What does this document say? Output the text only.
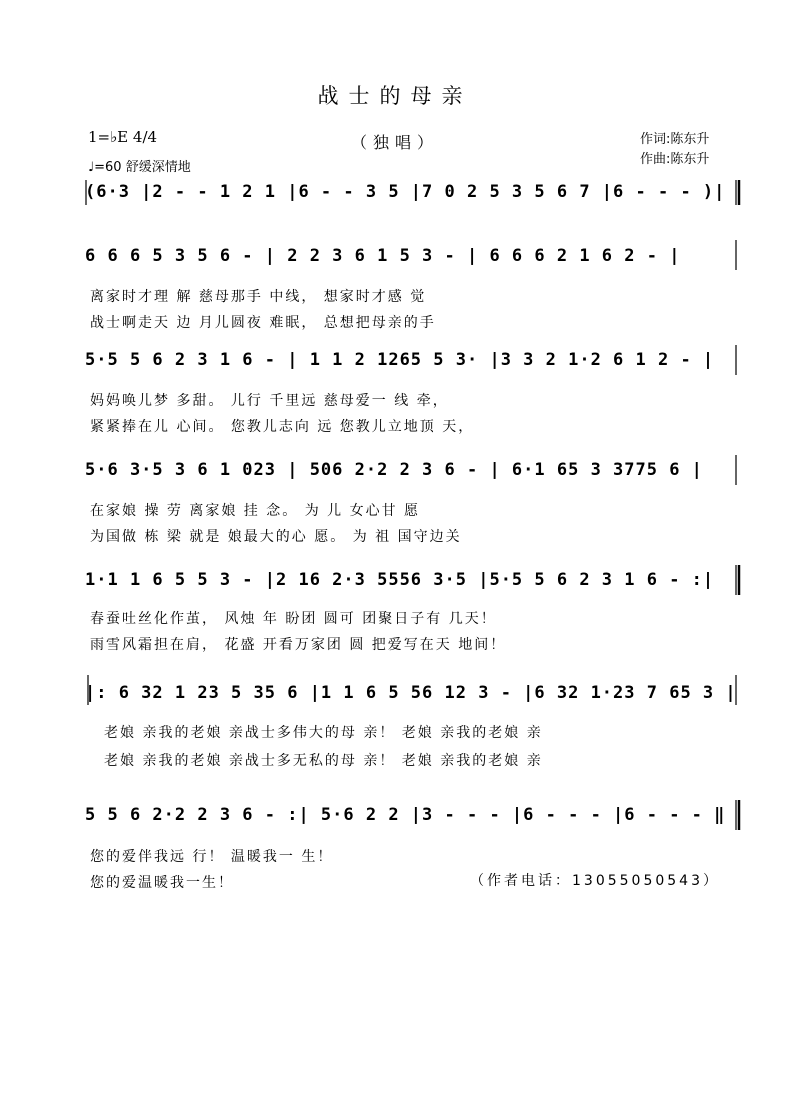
战士的母亲
（独唱）	作词:陈东升
作曲:陈东升
1=♭E 4/4
♩=60 舒缓深情地
(6·3 |2 - - 1 2 1 |6 - - 3 5 |7 0 2 5 3 5 6 7 |6 - - - )|
6 6 6 5 3 5 6 - | 2 2 3 6 1 5 3 - | 6 6 6 2 1 6 2 - |
离家时才理 解 慈母那手 中线， 想家时才感 觉
战士啊走天 边 月儿圆夜 难眠， 总想把母亲的手
5·5 5 6 2 3 1 6 - | 1 1 2 1265 5 3· |3 3 2 1·2 6 1 2 - |
妈妈唤儿梦 多甜。 儿行 千里远 慈母爱一 线 牵，
紧紧捧在儿 心间。 您教儿志向 远 您教儿立地顶 天，
5·6 3·5 3 6 1 023 | 506 2·2 2 3 6 - | 6·1 65 3 3775 6 |
在家娘 操 劳 离家娘 挂 念。 为 儿 女心甘 愿
为国做 栋 梁 就是 娘最大的心 愿。 为 祖 国守边关
1·1 1 6 5 5 3 - |2 16 2·3 5556 3·5 |5·5 5 6 2 3 1 6 - :|
春蚕吐丝化作茧， 风烛 年 盼团 圆可 团聚日子有 几天！
雨雪风霜担在肩， 花盛 开看万家团 圆 把爱写在天 地间！
|: 6 32 1 23 5 35 6 |1 1 6 5 56 12 3 - |6 32 1·23 7 65 3 |
老娘 亲我的老娘 亲战士多伟大的母 亲！ 老娘 亲我的老娘 亲
老娘 亲我的老娘 亲战士多无私的母 亲！ 老娘 亲我的老娘 亲
5 5 6 2·2 2 3 6 - :| 5·6 2 2 |3 - - - |6 - - - |6 - - - ‖
您的爱伴我远 行！ 温暖我一 生！
您的爱温暖我一生！	（作者电话：13055050543）
